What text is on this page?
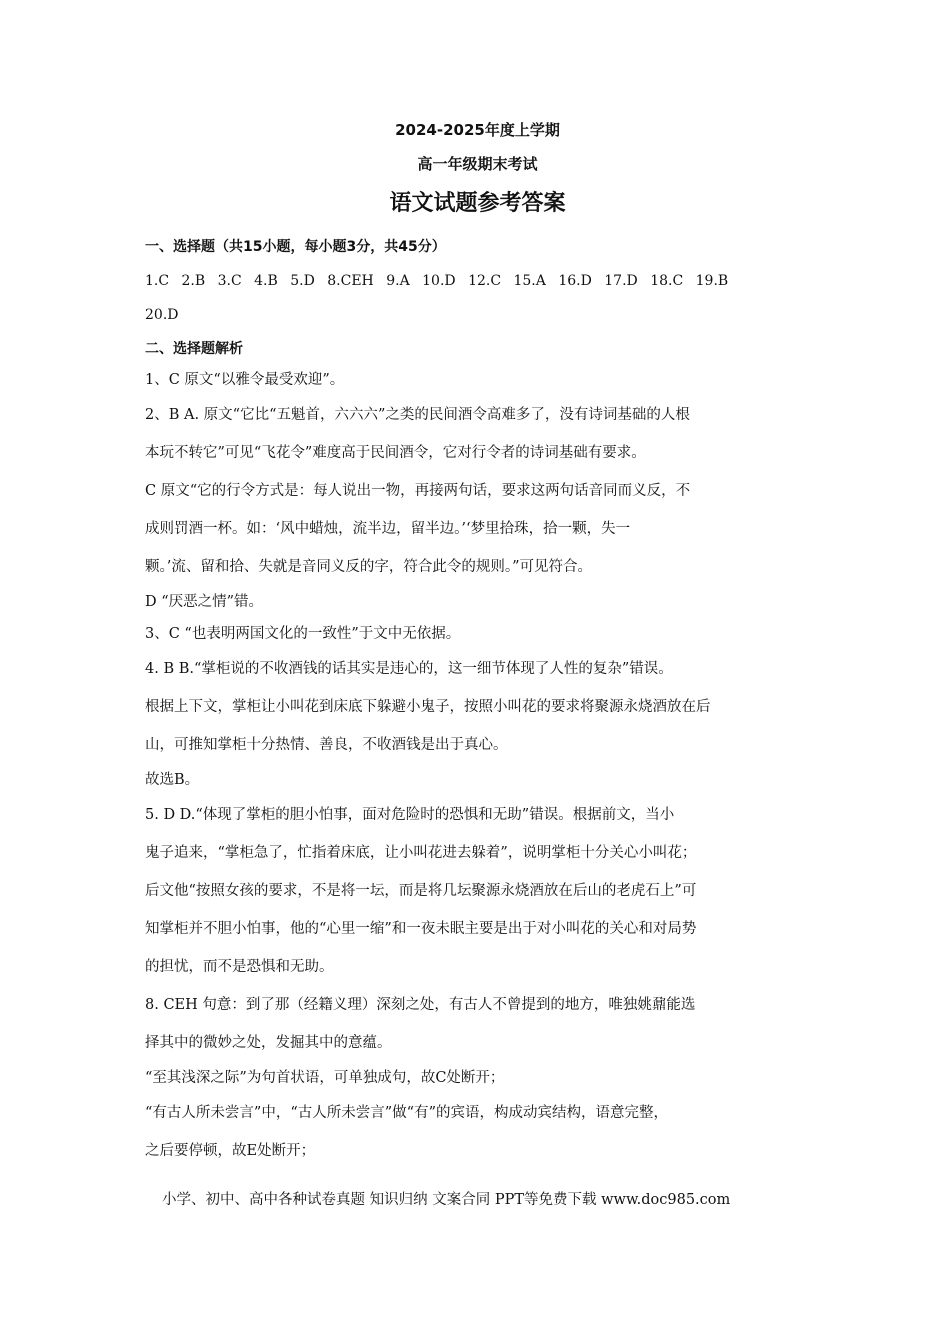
2024-2025年度上学期
高一年级期末考试
语文试题参考答案
一、选择题（共15小题，每小题3分，共45分）
1.C 2.B 3.C 4.B 5.D 8.CEH 9.A 10.D 12.C 15.A 16.D 17.D 18.C 19.B
20.D
二、选择题解析
1、C 原文“以雅令最受欢迎”。
2、B A. 原文“它比“五魁首，六六六”之类的民间酒令高难多了，没有诗词基础的人根
本玩不转它”可见“飞花令”难度高于民间酒令，它对行令者的诗词基础有要求。
C 原文“它的行令方式是：每人说出一物，再接两句话，要求这两句话音同而义反，不
成则罚酒一杯。如：‘风中蜡烛，流半边，留半边。’‘梦里拾珠，拾一颗，失一
颗。’流、留和拾、失就是音同义反的字，符合此令的规则。”可见符合。
D “厌恶之情”错。
3、C “也表明两国文化的一致性”于文中无依据。
4. B B.“掌柜说的不收酒钱的话其实是违心的，这一细节体现了人性的复杂”错误。
根据上下文，掌柜让小叫花到床底下躲避小鬼子，按照小叫花的要求将聚源永烧酒放在后
山，可推知掌柜十分热情、善良，不收酒钱是出于真心。
故选B。
5. D D.“体现了掌柜的胆小怕事，面对危险时的恐惧和无助”错误。根据前文，当小
鬼子追来，“掌柜急了，忙指着床底，让小叫花进去躲着”，说明掌柜十分关心小叫花；
后文他“按照女孩的要求，不是将一坛，而是将几坛聚源永烧酒放在后山的老虎石上”可
知掌柜并不胆小怕事，他的“心里一缩”和一夜未眠主要是出于对小叫花的关心和对局势
的担忧，而不是恐惧和无助。
8. CEH 句意：到了那（经籍义理）深刻之处，有古人不曾提到的地方，唯独姚鼐能选
择其中的微妙之处，发掘其中的意蕴。
“至其浅深之际”为句首状语，可单独成句，故C处断开；
“有古人所未尝言”中，“古人所未尝言”做“有”的宾语，构成动宾结构，语意完整，
之后要停顿，故E处断开；
小学、初中、高中各种试卷真题 知识归纳 文案合同 PPT等免费下载 www.doc985.com
